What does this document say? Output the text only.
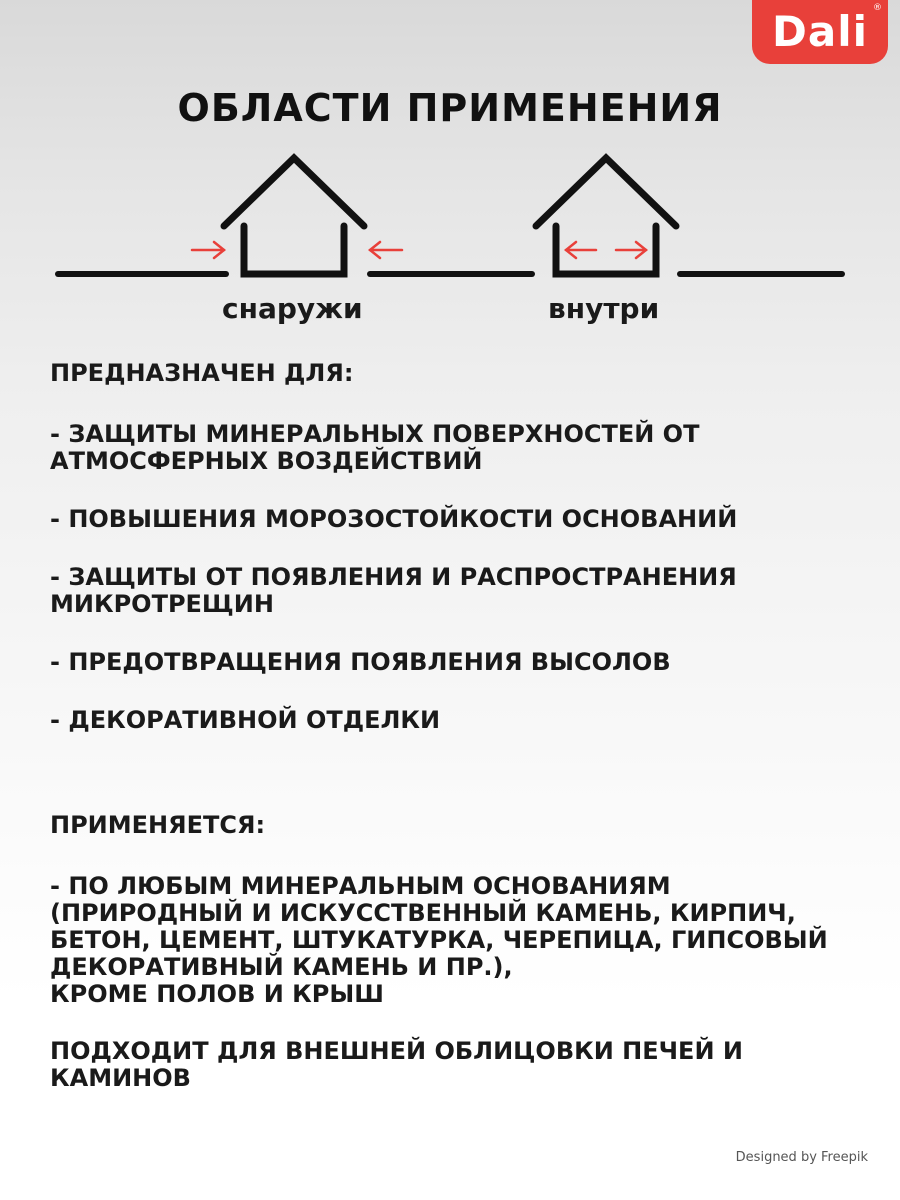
Dali ®
ОБЛАСТИ ПРИМЕНЕНИЯ
снаружи	внутри

ПРЕДНАЗНАЧЕН ДЛЯ:

- ЗАЩИТЫ МИНЕРАЛЬНЫХ ПОВЕРХНОСТЕЙ ОТ
АТМОСФЕРНЫХ ВОЗДЕЙСТВИЙ

- ПОВЫШЕНИЯ МОРОЗОСТОЙКОСТИ ОСНОВАНИЙ

- ЗАЩИТЫ ОТ ПОЯВЛЕНИЯ И РАСПРОСТРАНЕНИЯ
МИКРОТРЕЩИН

- ПРЕДОТВРАЩЕНИЯ ПОЯВЛЕНИЯ ВЫСОЛОВ

- ДЕКОРАТИВНОЙ ОТДЕЛКИ

ПРИМЕНЯЕТСЯ:

- ПО ЛЮБЫМ МИНЕРАЛЬНЫМ ОСНОВАНИЯМ
(ПРИРОДНЫЙ И ИСКУССТВЕННЫЙ КАМЕНЬ, КИРПИЧ,
БЕТОН, ЦЕМЕНТ, ШТУКАТУРКА, ЧЕРЕПИЦА, ГИПСОВЫЙ
ДЕКОРАТИВНЫЙ КАМЕНЬ И ПР.),
КРОМЕ ПОЛОВ И КРЫШ

ПОДХОДИТ ДЛЯ ВНЕШНЕЙ ОБЛИЦОВКИ ПЕЧЕЙ И
КАМИНОВ

Designed by Freepik
